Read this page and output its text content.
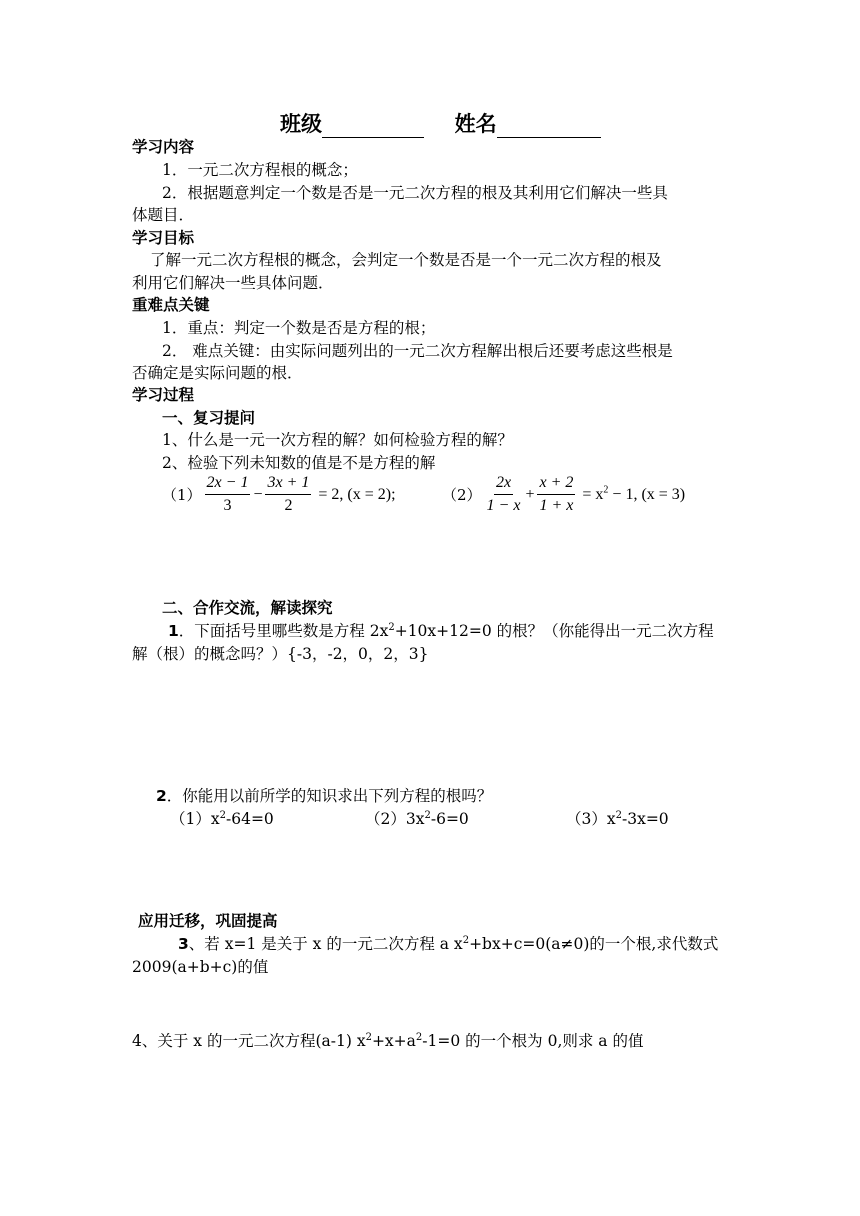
班级	姓名
学习内容
1．一元二次方程根的概念；
2．根据题意判定一个数是否是一元二次方程的根及其利用它们解决一些具
体题目．
学习目标
了解一元二次方程根的概念，会判定一个数是否是一个一元二次方程的根及
利用它们解决一些具体问题．
重难点关键
1．重点：判定一个数是否是方程的根；
2． 难点关键：由实际问题列出的一元二次方程解出根后还要考虑这些根是
否确定是实际问题的根．
学习过程
一、复习提问
1、什么是一元一次方程的解？如何检验方程的解？
2、检验下列未知数的值是不是方程的解
$(1) \frac{2x - 1}{3} - \frac{3x + 1}{2} = 2$, (x = 2);	$(2) \frac{2x}{1 - x} + \frac{x + 2}{1 + x} = x^2 - 1$, (x = 3)
二、合作交流，解读探究
1．下面括号里哪些数是方程 $2x^2+10x+12=0$ 的根？（你能得出一元二次方程
解（根）的概念吗？）{-3，-2，0，2，3}
2．你能用以前所学的知识求出下列方程的根吗？
$(1)x^2-64=0$	$(2)3x^2-6=0$	$(3)x^2-3x=0$
应用迁移，巩固提高
3、若 x=1 是关于 x 的一元二次方程 a $x^2+bx+c=0(a\ne 0)$的一个根,求代数式
2009(a+b+c)的值
4、关于 x 的一元二次方程(a-1) $x^2+x+a^2-1=0$ 的一个根为 0,则求 a 的值
